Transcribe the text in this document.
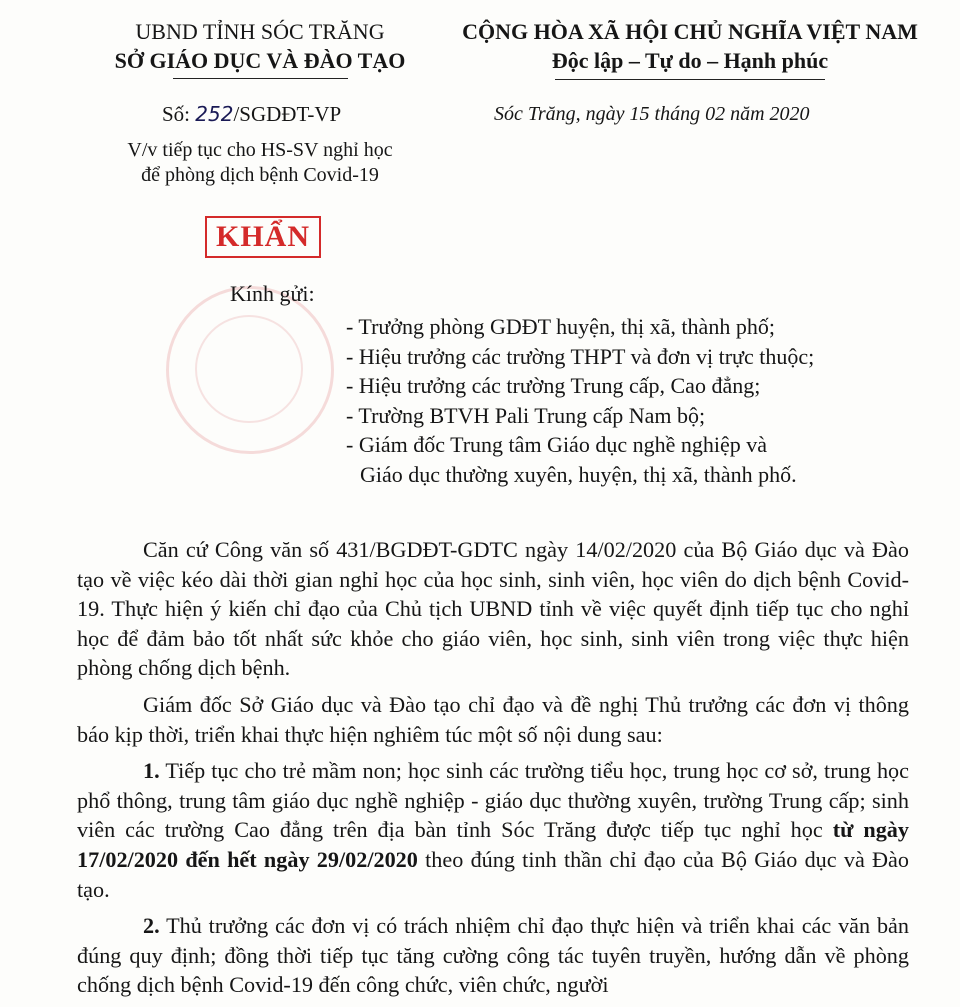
UBND TỈNH SÓC TRĂNG
SỞ GIÁO DỤC VÀ ĐÀO TẠO
CỘNG HÒA XÃ HỘI CHỦ NGHĨA VIỆT NAM
Độc lập – Tự do – Hạnh phúc
Số: 252/SGDĐT-VP	Sóc Trăng, ngày 15 tháng 02 năm 2020
V/v tiếp tục cho HS-SV nghỉ học
để phòng dịch bệnh Covid-19
KHẨN
Kính gửi:
- Trưởng phòng GDĐT huyện, thị xã, thành phố;
- Hiệu trưởng các trường THPT và đơn vị trực thuộc;
- Hiệu trưởng các trường Trung cấp, Cao đẳng;
- Trường BTVH Pali Trung cấp Nam bộ;
- Giám đốc Trung tâm Giáo dục nghề nghiệp và
Giáo dục thường xuyên, huyện, thị xã, thành phố.

Căn cứ Công văn số 431/BGDĐT-GDTC ngày 14/02/2020 của Bộ Giáo dục và Đào tạo về việc kéo dài thời gian nghỉ học của học sinh, sinh viên, học viên do dịch bệnh Covid-19. Thực hiện ý kiến chỉ đạo của Chủ tịch UBND tỉnh về việc quyết định tiếp tục cho nghỉ học để đảm bảo tốt nhất sức khỏe cho giáo viên, học sinh, sinh viên trong việc thực hiện phòng chống dịch bệnh.

Giám đốc Sở Giáo dục và Đào tạo chỉ đạo và đề nghị Thủ trưởng các đơn vị thông báo kịp thời, triển khai thực hiện nghiêm túc một số nội dung sau:

1. Tiếp tục cho trẻ mầm non; học sinh các trường tiểu học, trung học cơ sở, trung học phổ thông, trung tâm giáo dục nghề nghiệp - giáo dục thường xuyên, trường Trung cấp; sinh viên các trường Cao đẳng trên địa bàn tỉnh Sóc Trăng được tiếp tục nghỉ học từ ngày 17/02/2020 đến hết ngày 29/02/2020 theo đúng tinh thần chỉ đạo của Bộ Giáo dục và Đào tạo.

2. Thủ trưởng các đơn vị có trách nhiệm chỉ đạo thực hiện và triển khai các văn bản đúng quy định; đồng thời tiếp tục tăng cường công tác tuyên truyền, hướng dẫn về phòng chống dịch bệnh Covid-19 đến công chức, viên chức, người
